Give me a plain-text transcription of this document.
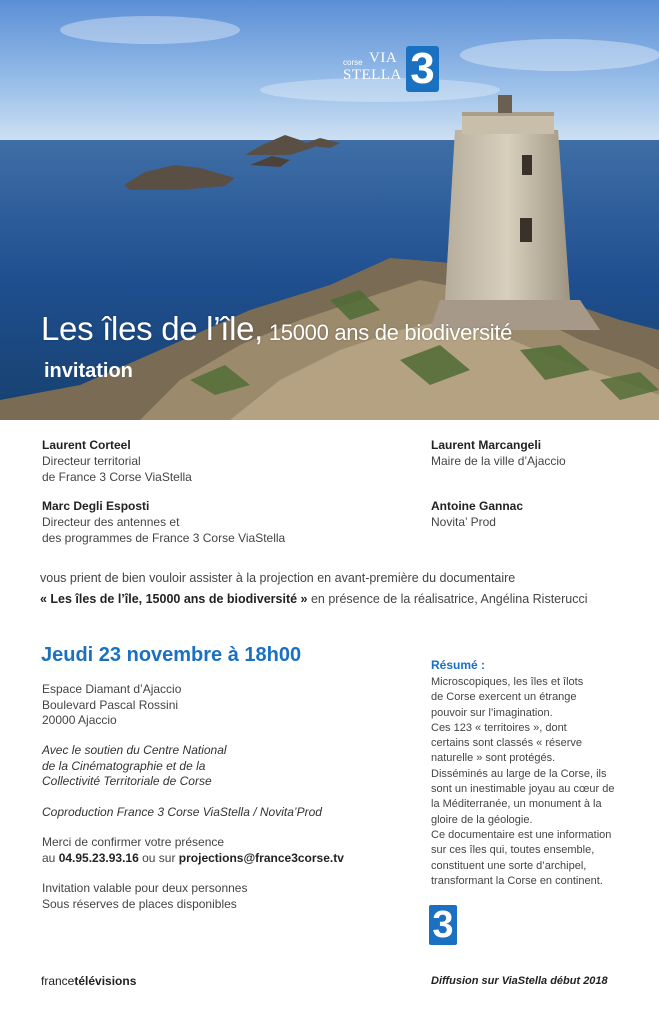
corse VIA
STELLA 3
Les îles de l’île, 15000 ans de biodiversité
invitation
Laurent Corteel
Directeur territorial
de France 3 Corse ViaStella
Laurent Marcangeli
Maire de la ville d’Ajaccio
Marc Degli Esposti
Directeur des antennes et
des programmes de France 3 Corse ViaStella
Antoine Gannac
Novita’ Prod
vous prient de bien vouloir assister à la projection en avant-première du documentaire
« Les îles de l’île, 15000 ans de biodiversité » en présence de la réalisatrice, Angélina Risterucci
Jeudi 23 novembre à 18h00
Espace Diamant d’Ajaccio
Boulevard Pascal Rossini
20000 Ajaccio
Avec le soutien du Centre National
de la Cinématographie et de la
Collectivité Territoriale de Corse
Coproduction France 3 Corse ViaStella / Novita’Prod
Merci de confirmer votre présence
au 04.95.23.93.16 ou sur projections@france3corse.tv
Invitation valable pour deux personnes
Sous réserves de places disponibles
Résumé :
Microscopiques, les îles et îlots
de Corse exercent un étrange
pouvoir sur l’imagination.
Ces 123 « territoires », dont
certains sont classés « réserve
naturelle » sont protégés.
Disséminés au large de la Corse, ils
sont un inestimable joyau au cœur de
la Méditerranée, un monument à la
gloire de la géologie.
Ce documentaire est une information
sur ces îles qui, toutes ensemble,
constituent une sorte d’archipel,
transformant la Corse en continent.
3
francetélévisions	Diffusion sur ViaStella début 2018
